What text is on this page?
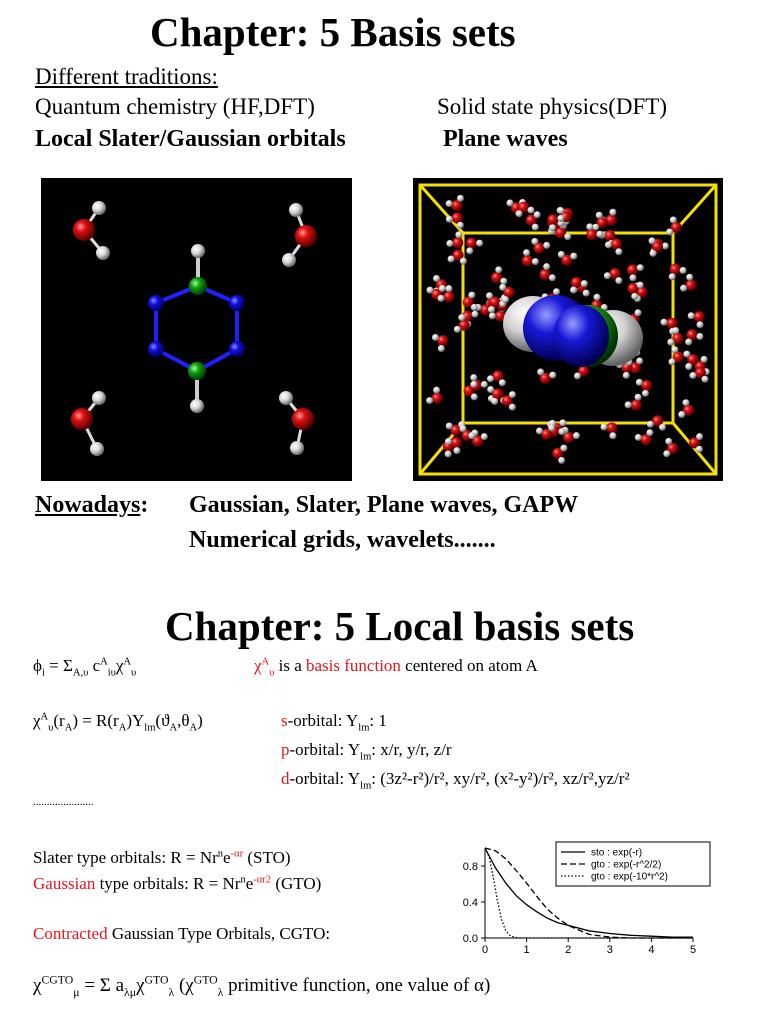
Chapter: 5 Basis sets
Different traditions:
Quantum chemistry (HF,DFT)	Solid state physics(DFT)
Local Slater/Gaussian orbitals	Plane waves
Nowadays: Gaussian, Slater, Plane waves, GAPW
Numerical grids, wavelets.......
Chapter: 5 Local basis sets
$\phi_i = \Sigma_{A,\upsilon}$ $c^A_{i\upsilon}\chi^A_\upsilon$	$\chi^A_\upsilon$ is a basis function centered on atom A
$\chi^A_\upsilon(r_A) = R(r_A)Y_{lm}(ϑ_A,\theta_A)$	s-orbital: $Y_{lm}$: 1
p-orbital: $Y_{lm}$: x/r, y/r, z/r
d-orbital: $Y_{lm}$: (3z²-r²)/r², xy/r², (x²-y²)/r², xz/r²,yz/r²
......................
Slater type orbitals: $R = Nr^ne^{-\alpha r}$ (STO)
Gaussian type orbitals: $R = Nr^ne^{-\alpha r2}$ (GTO)
Contracted Gaussian Type Orbitals, CGTO:
$\chi^{CGTO}_\mu = \Sigma$ $a_{\lambda\mu}\chi^{GTO}_\lambda$ ($\chi^{GTO}_\lambda$ primitive function, one value of α)
0	1	2	3	4	5
0.0
0.4
0.8
sto : exp(-r)
gto : exp(-r^2/2)
gto : exp(-10*r^2)
